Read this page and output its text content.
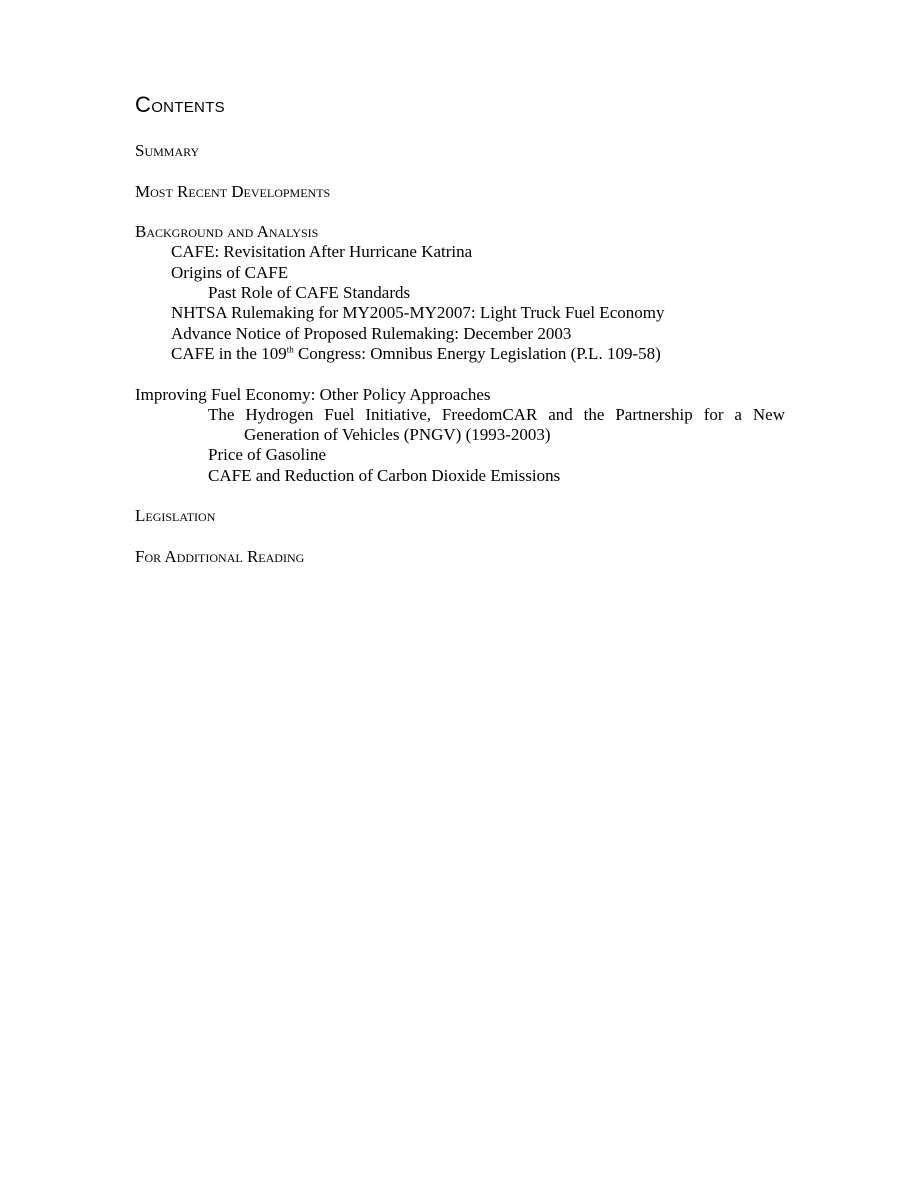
Contents
Summary
Most Recent Developments
Background and Analysis
CAFE: Revisitation After Hurricane Katrina
Origins of CAFE
Past Role of CAFE Standards
NHTSA Rulemaking for MY2005-MY2007: Light Truck Fuel Economy
Advance Notice of Proposed Rulemaking: December 2003
CAFE in the 109th Congress: Omnibus Energy Legislation (P.L. 109-58)
Improving Fuel Economy: Other Policy Approaches
The Hydrogen Fuel Initiative, FreedomCAR and the Partnership for a New Generation of Vehicles (PNGV) (1993-2003)
Price of Gasoline
CAFE and Reduction of Carbon Dioxide Emissions
Legislation
For Additional Reading
